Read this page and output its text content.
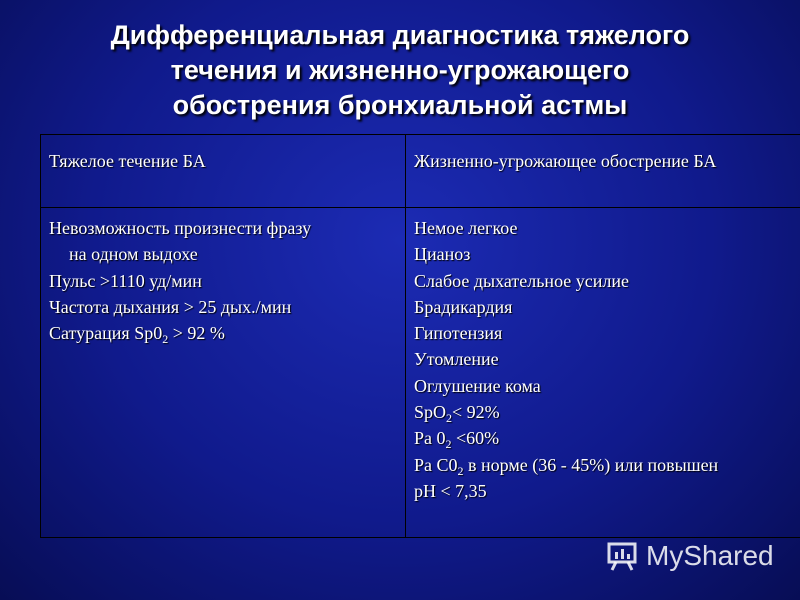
Дифференциальная диагностика тяжелого
течения и жизненно-угрожающего
обострения бронхиальной астмы
Тяжелое течение БА
Невозможность произнести фразу
на одном выдохе
Пульс >1110 уд/мин
Частота дыхания > 25 дых./мин
Сатурация $Sp0_2 > 92$ %
Жизненно-угрожающее обострение БА
Немое легкое
Цианоз
Слабое дыхательное усилие
Брадикардия
Гипотензия
Утомление
Оглушение кома
SpO$_2$< 92%
Pa $0_2 <60\%$
Pa $C0_2$ в норме (36 - 45%) или повышен
pH < 7,35
MyShared
